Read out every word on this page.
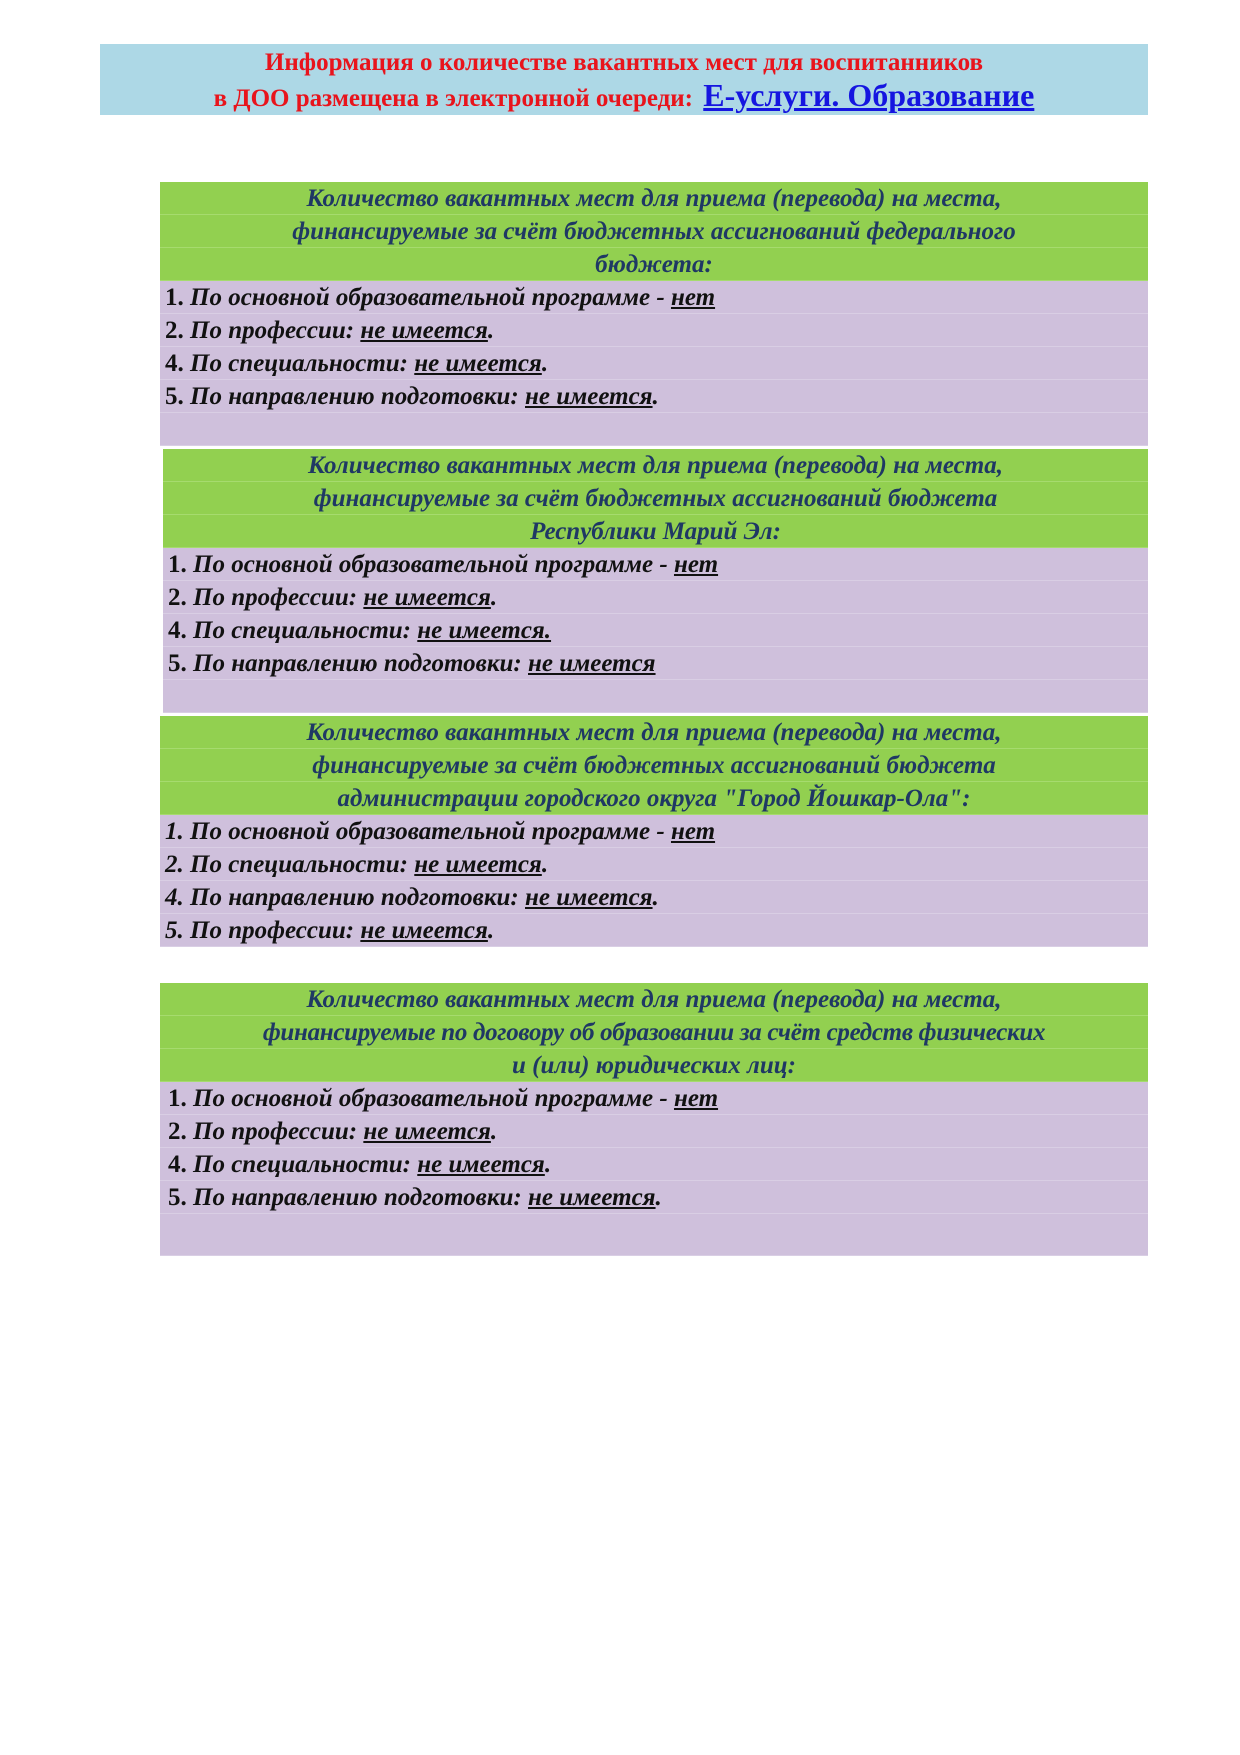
Информация о количестве вакантных мест для воспитанников
в ДОО размещена в электронной очереди: Е-услуги. Образование
Количество вакантных мест для приема (перевода) на места,
финансируемые за счёт бюджетных ассигнований федерального
бюджета:
1. По основной образовательной программе - нет
2. По профессии: не имеется.
4. По специальности: не имеется.
5. По направлению подготовки: не имеется.
Количество вакантных мест для приема (перевода) на места,
финансируемые за счёт бюджетных ассигнований бюджета
Республики Марий Эл:
1. По основной образовательной программе - нет
2. По профессии: не имеется.
4. По специальности: не имеется.
5. По направлению подготовки: не имеется
Количество вакантных мест для приема (перевода) на места,
финансируемые за счёт бюджетных ассигнований бюджета
администрации городского округа "Город Йошкар-Ола":
1. По основной образовательной программе - нет
2. По специальности: не имеется.
4. По направлению подготовки: не имеется.
5. По профессии: не имеется.
Количество вакантных мест для приема (перевода) на места,
финансируемые по договору об образовании за счёт средств физических
и (или) юридических лиц:
1. По основной образовательной программе - нет
2. По профессии: не имеется.
4. По специальности: не имеется.
5. По направлению подготовки: не имеется.
